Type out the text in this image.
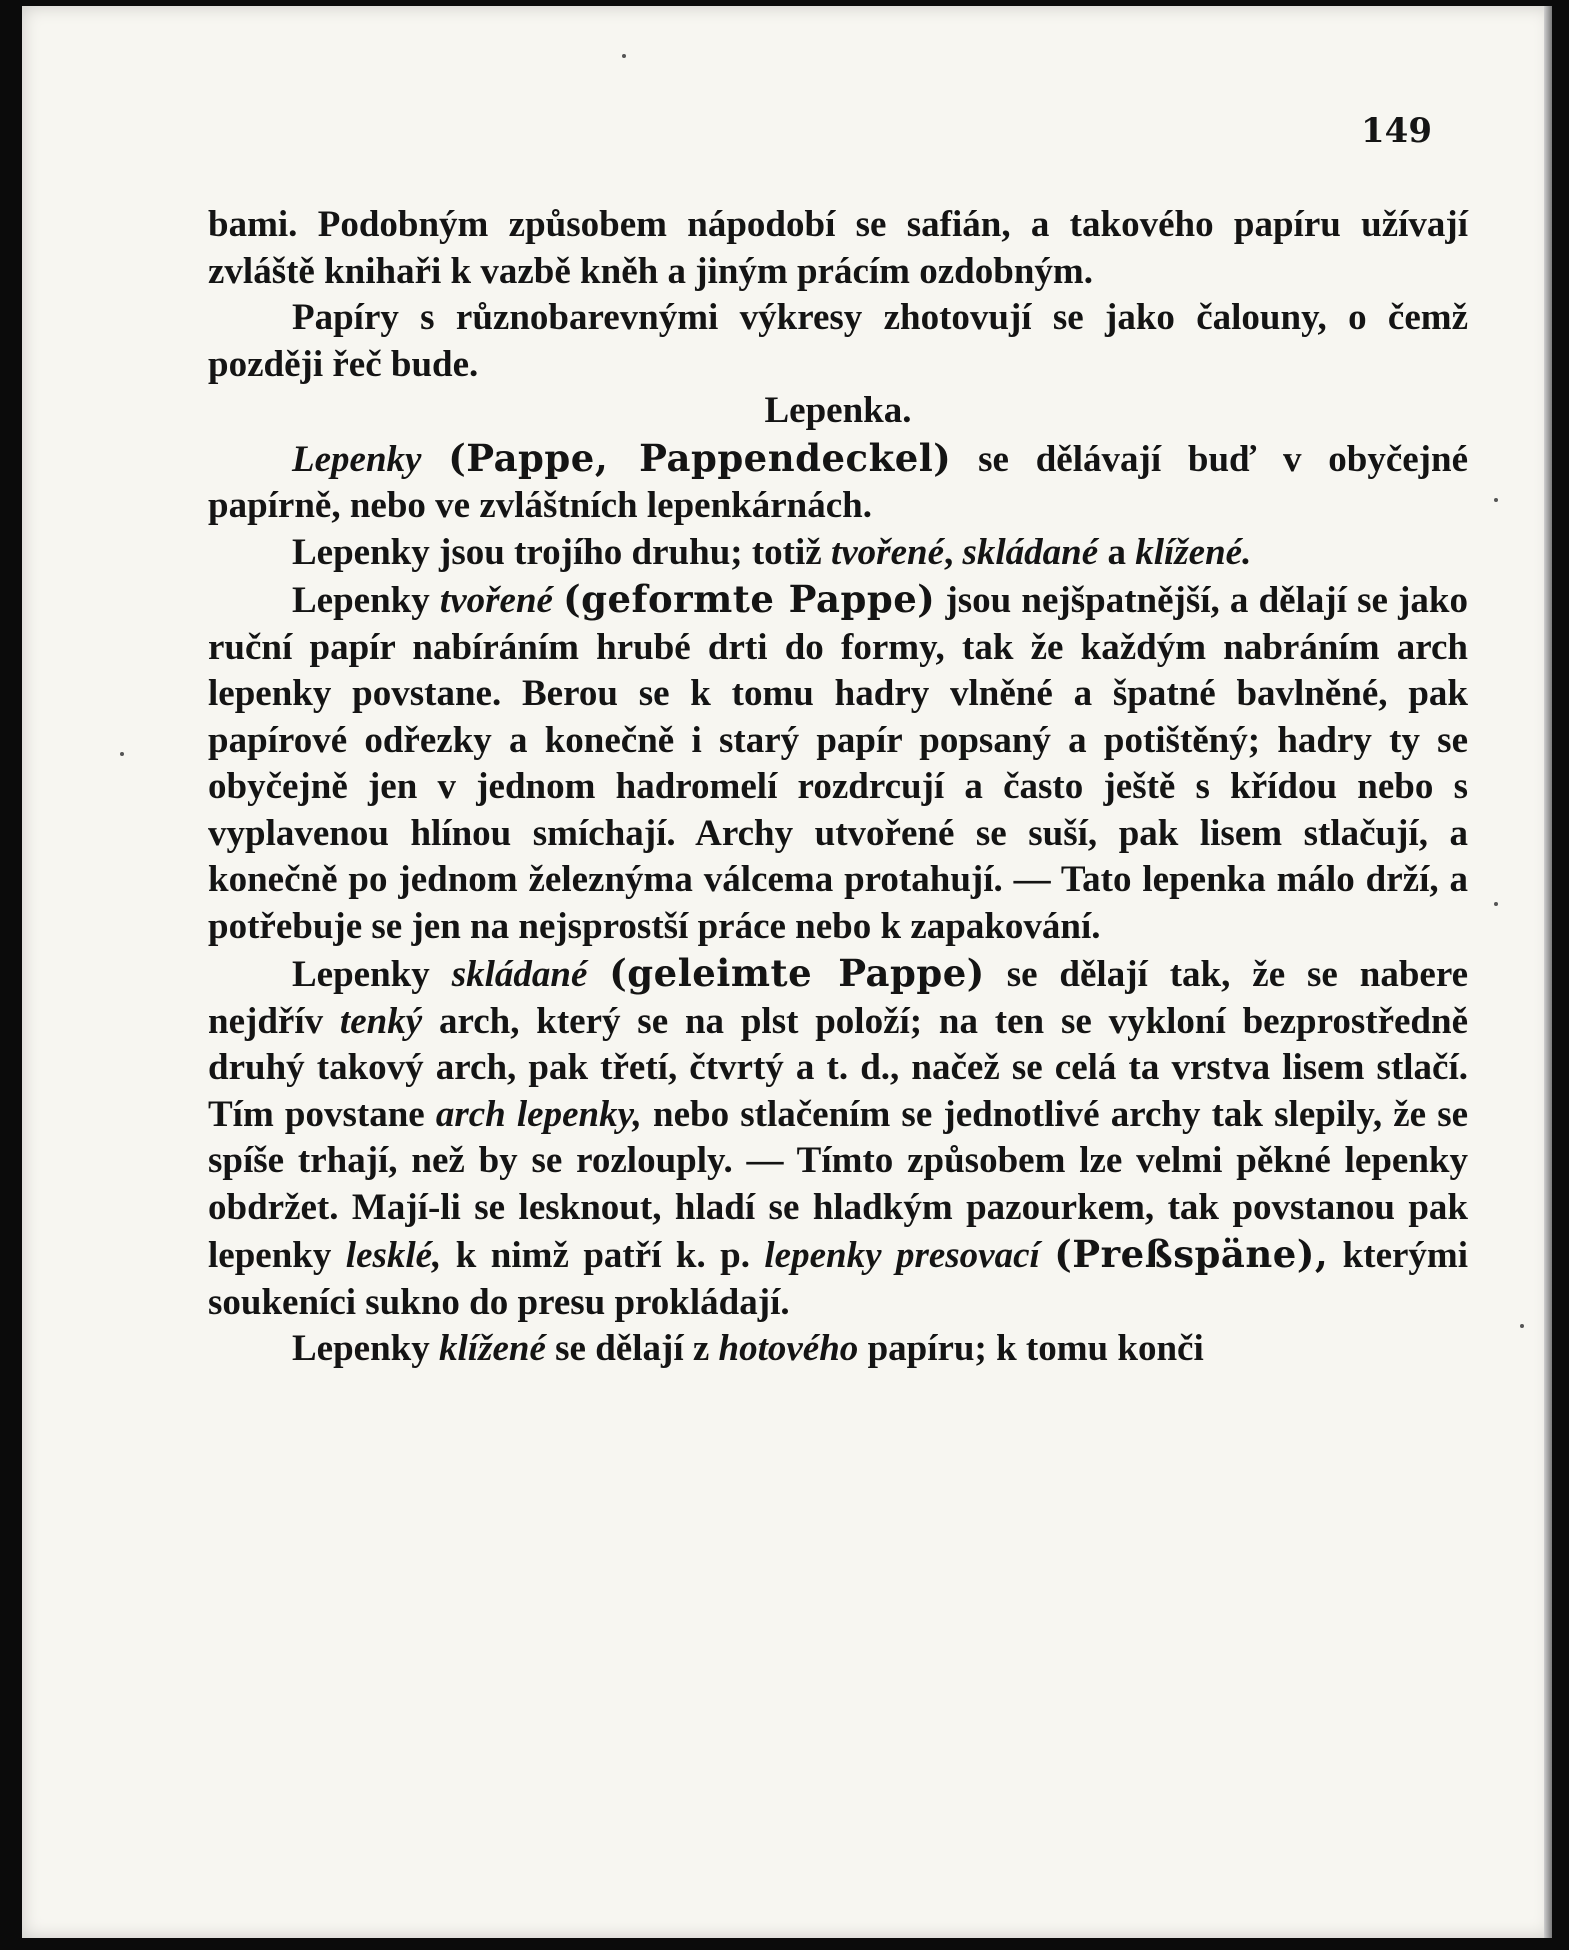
149

bami. Podobným způsobem nápodobí se safián, a takového papíru užívají zvláště knihaři k vazbě kněh a jiným prácím ozdobným.

Papíry s různobarevnými výkresy zhotovují se jako čalouny, o čemž později řeč bude.

Lepenka.

Lepenky (Pappe, Pappendeckel) se dělávají buď v obyčejné papírně, nebo ve zvláštních lepenkárnách.

Lepenky jsou trojího druhu; totiž tvořené, skládané a klížené.

Lepenky tvořené (geformte Pappe) jsou nejšpatnější, a dělají se jako ruční papír nabíráním hrubé drti do formy, tak že každým nabráním arch lepenky povstane. Berou se k tomu hadry vlněné a špatné bavlněné, pak papírové odřezky a konečně i starý papír popsaný a potištěný; hadry ty se obyčejně jen v jednom hadromelí rozdrcují a často ještě s křídou nebo s vyplavenou hlínou smíchají. Archy utvořené se suší, pak lisem stlačují, a konečně po jednom železnýma válcema protahují. — Tato lepenka málo drží, a potřebuje se jen na nejsprostší práce nebo k zapakování.

Lepenky skládané (geleimte Pappe) se dělají tak, že se nabere nejdřív tenký arch, který se na plst položí; na ten se vykloní bezprostředně druhý takový arch, pak třetí, čtvrtý a t. d., načež se celá ta vrstva lisem stlačí. Tím povstane arch lepenky, nebo stlačením se jednotlivé archy tak slepily, že se spíše trhají, než by se rozlouply. — Tímto způsobem lze velmi pěkné lepenky obdržet. Mají-li se lesknout, hladí se hladkým pazourkem, tak povstanou pak lepenky lesklé, k nimž patří k. p. lepenky presovací (Preßspäne), kterými soukeníci sukno do presu prokládají.

Lepenky klížené se dělají z hotového papíru; k tomu konči
